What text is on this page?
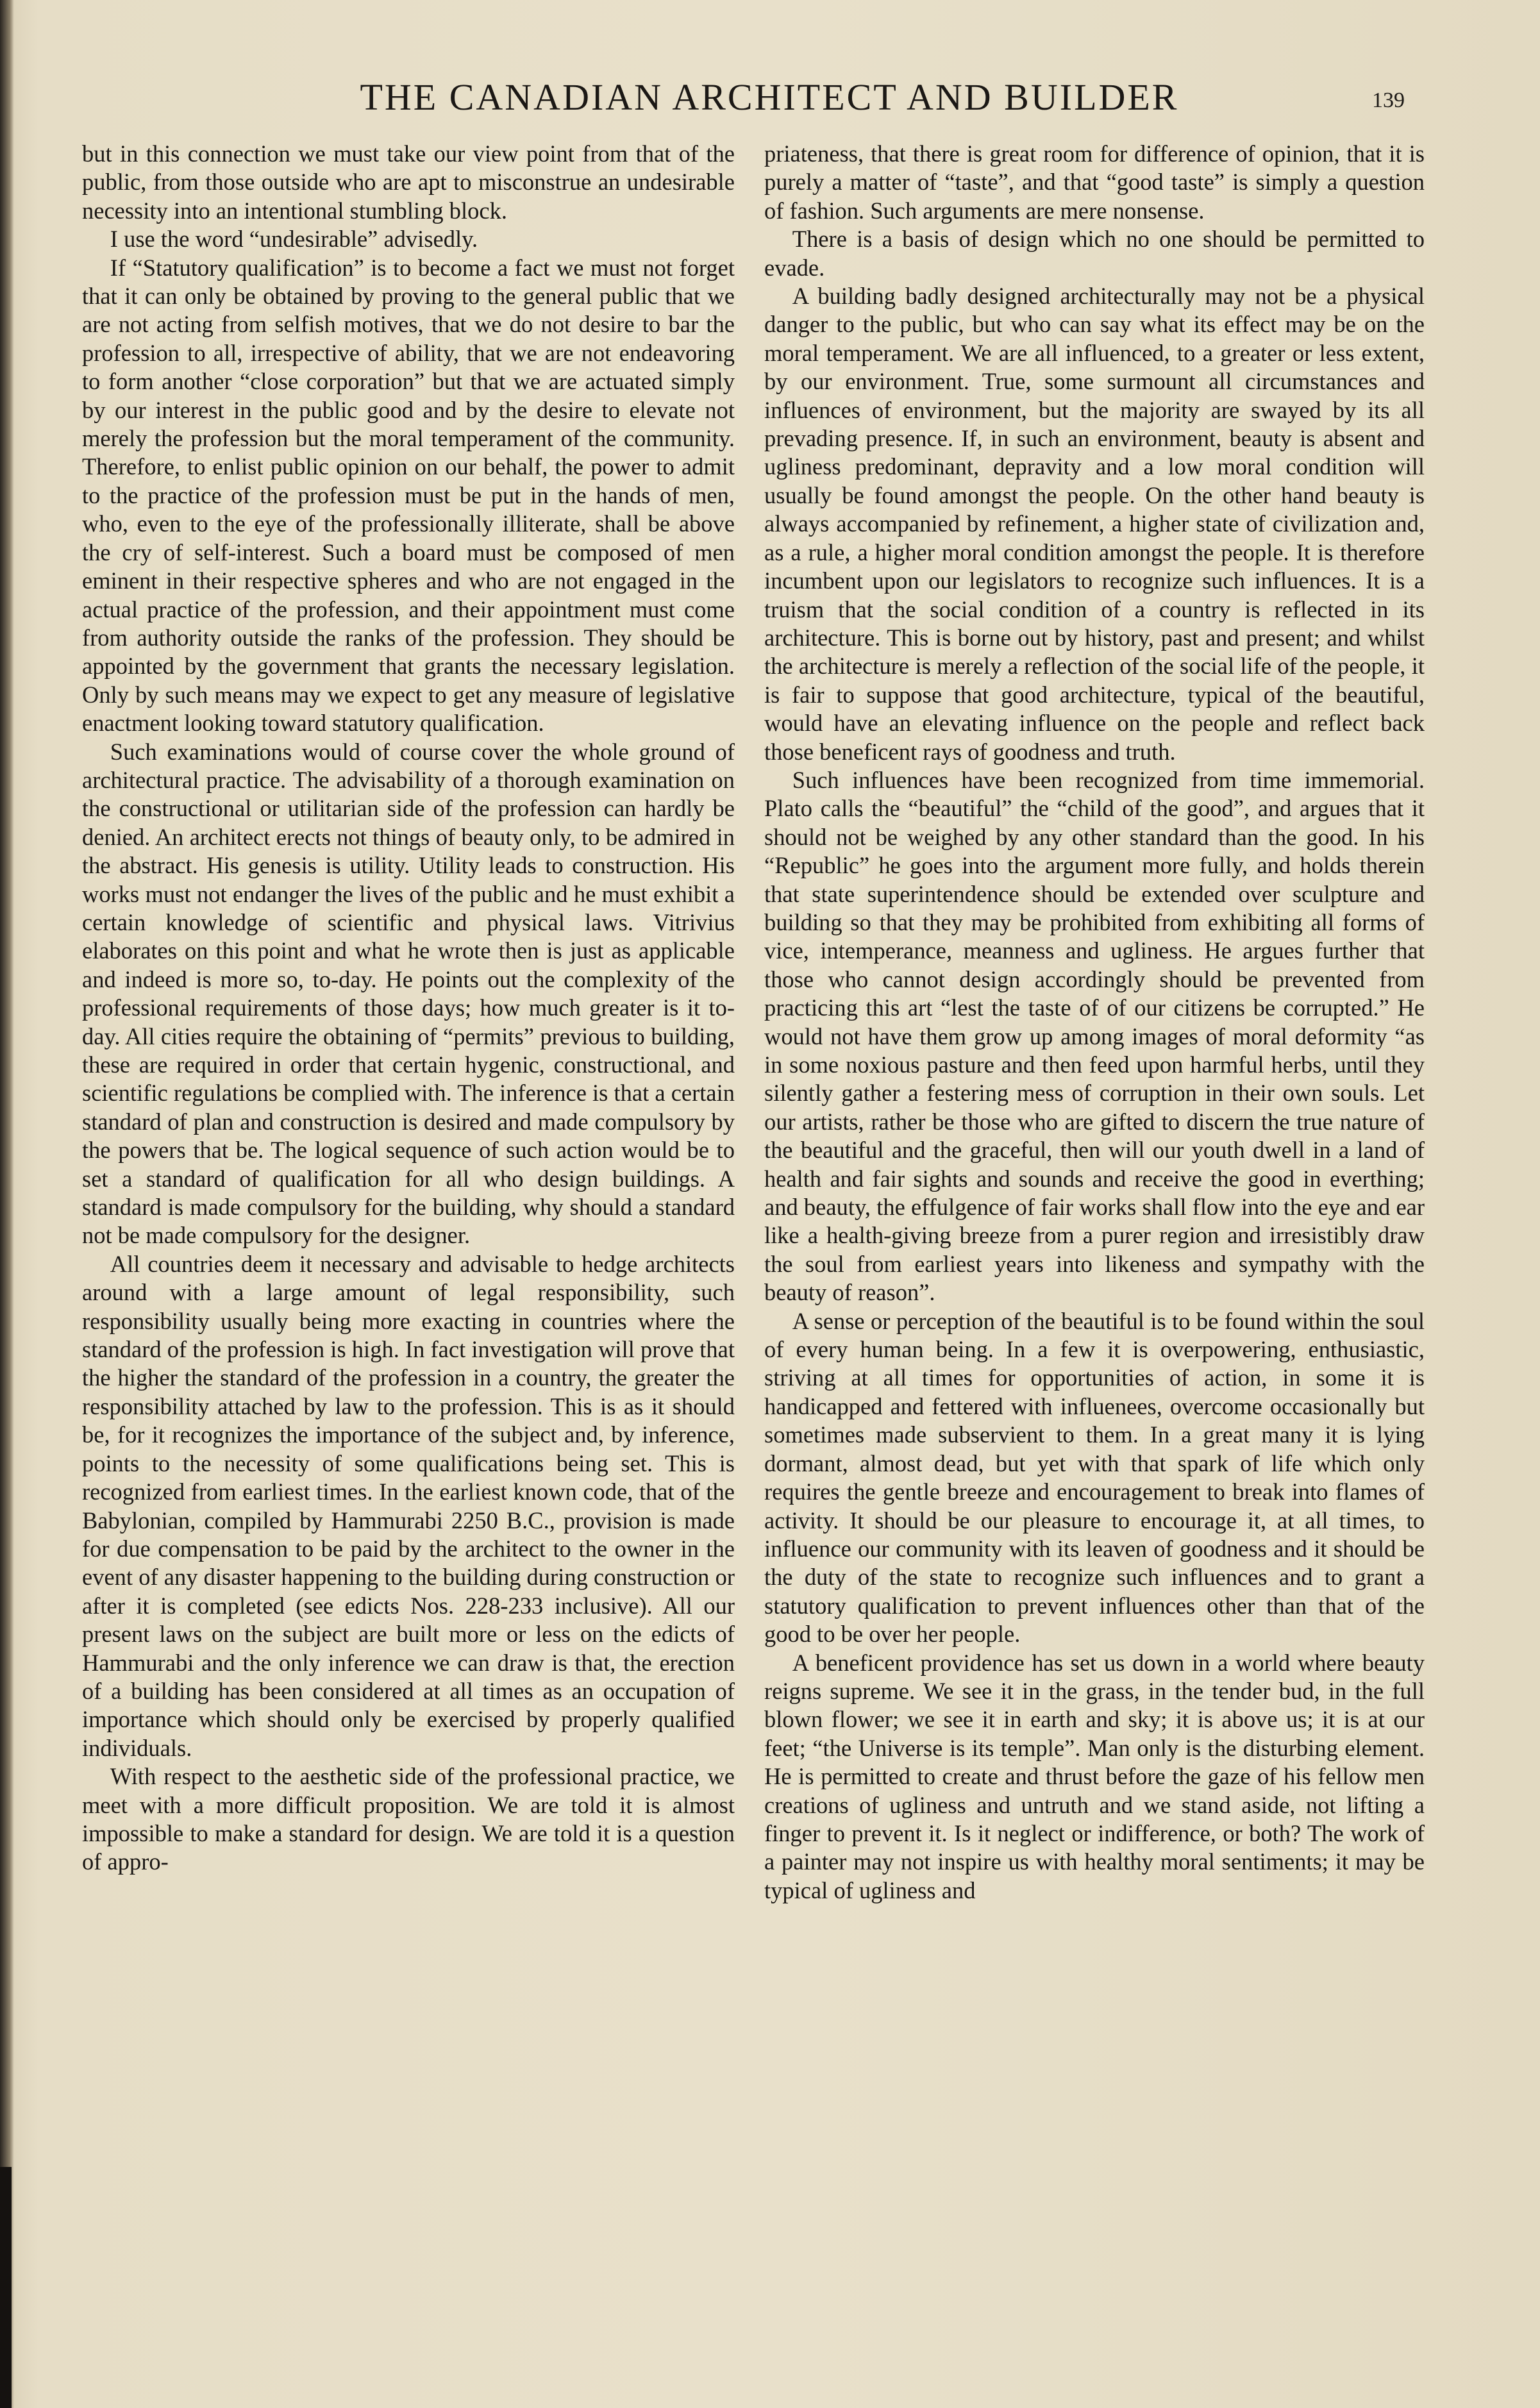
THE CANADIAN ARCHITECT AND BUILDER	139

but in this connection we must take our view point from that of the public, from those outside who are apt to misconstrue an undesirable necessity into an intentional stumbling block.

I use the word “undesirable” advisedly.

If “Statutory qualification” is to become a fact we must not forget that it can only be obtained by proving to the general public that we are not acting from selfish motives, that we do not desire to bar the profession to all, irrespective of ability, that we are not endeavoring to form another “close corporation” but that we are actuated simply by our interest in the public good and by the desire to elevate not merely the profession but the moral temperament of the community. Therefore, to enlist public opinion on our behalf, the power to admit to the practice of the profession must be put in the hands of men, who, even to the eye of the professionally illiterate, shall be above the cry of self-interest. Such a board must be composed of men eminent in their respective spheres and who are not engaged in the actual practice of the profession, and their appointment must come from authority outside the ranks of the profession. They should be appointed by the government that grants the necessary legislation. Only by such means may we expect to get any measure of legislative enactment looking toward statutory qualification.

Such examinations would of course cover the whole ground of architectural practice. The advisability of a thorough examination on the constructional or utilitarian side of the profession can hardly be denied. An architect erects not things of beauty only, to be admired in the abstract. His genesis is utility. Utility leads to construction. His works must not endanger the lives of the public and he must exhibit a certain knowledge of scientific and physical laws. Vitrivius elaborates on this point and what he wrote then is just as applicable and indeed is more so, to-day. He points out the complexity of the professional requirements of those days; how much greater is it to-day. All cities require the obtaining of “permits” previous to building, these are required in order that certain hygenic, constructional, and scientific regulations be complied with. The inference is that a certain standard of plan and construction is desired and made compulsory by the powers that be. The logical sequence of such action would be to set a standard of qualification for all who design buildings. A standard is made compulsory for the building, why should a standard not be made compulsory for the designer.

All countries deem it necessary and advisable to hedge architects around with a large amount of legal responsibility, such responsibility usually being more exacting in countries where the standard of the profession is high. In fact investigation will prove that the higher the standard of the profession in a country, the greater the responsibility attached by law to the profession. This is as it should be, for it recognizes the importance of the subject and, by inference, points to the necessity of some qualifications being set. This is recognized from earliest times. In the earliest known code, that of the Babylonian, compiled by Hammurabi 2250 B.C., provision is made for due compensation to be paid by the architect to the owner in the event of any disaster happening to the building during construction or after it is completed (see edicts Nos. 228-233 inclusive). All our present laws on the subject are built more or less on the edicts of Hammurabi and the only inference we can draw is that, the erection of a building has been considered at all times as an occupation of importance which should only be exercised by properly qualified individuals.

With respect to the aesthetic side of the professional practice, we meet with a more difficult proposition. We are told it is almost impossible to make a standard for design. We are told it is a question of appro-

priateness, that there is great room for difference of opinion, that it is purely a matter of “taste”, and that “good taste” is simply a question of fashion. Such arguments are mere nonsense.

There is a basis of design which no one should be permitted to evade.

A building badly designed architecturally may not be a physical danger to the public, but who can say what its effect may be on the moral temperament. We are all influenced, to a greater or less extent, by our environment. True, some surmount all circumstances and influences of environment, but the majority are swayed by its all prevading presence. If, in such an environment, beauty is absent and ugliness predominant, depravity and a low moral condition will usually be found amongst the people. On the other hand beauty is always accompanied by refinement, a higher state of civilization and, as a rule, a higher moral condition amongst the people. It is therefore incumbent upon our legislators to recognize such influences. It is a truism that the social condition of a country is reflected in its architecture. This is borne out by history, past and present; and whilst the architecture is merely a reflection of the social life of the people, it is fair to suppose that good architecture, typical of the beautiful, would have an elevating influence on the people and reflect back those beneficent rays of goodness and truth.

Such influences have been recognized from time immemorial. Plato calls the “beautiful” the “child of the good”, and argues that it should not be weighed by any other standard than the good. In his “Republic” he goes into the argument more fully, and holds therein that state superintendence should be extended over sculpture and building so that they may be prohibited from exhibiting all forms of vice, intemperance, meanness and ugliness. He argues further that those who cannot design accordingly should be prevented from practicing this art “lest the taste of of our citizens be corrupted.” He would not have them grow up among images of moral deformity “as in some noxious pasture and then feed upon harmful herbs, until they silently gather a festering mess of corruption in their own souls. Let our artists, rather be those who are gifted to discern the true nature of the beautiful and the graceful, then will our youth dwell in a land of health and fair sights and sounds and receive the good in everthing; and beauty, the effulgence of fair works shall flow into the eye and ear like a health-giving breeze from a purer region and irresistibly draw the soul from earliest years into likeness and sympathy with the beauty of reason”.

A sense or perception of the beautiful is to be found within the soul of every human being. In a few it is overpowering, enthusiastic, striving at all times for opportunities of action, in some it is handicapped and fettered with influenees, overcome occasionally but sometimes made subservient to them. In a great many it is lying dormant, almost dead, but yet with that spark of life which only requires the gentle breeze and encouragement to break into flames of activity. It should be our pleasure to encourage it, at all times, to influence our community with its leaven of goodness and it should be the duty of the state to recognize such influences and to grant a statutory qualification to prevent influences other than that of the good to be over her people.

A beneficent providence has set us down in a world where beauty reigns supreme. We see it in the grass, in the tender bud, in the full blown flower; we see it in earth and sky; it is above us; it is at our feet; “the Universe is its temple”. Man only is the disturbing element. He is permitted to create and thrust before the gaze of his fellow men creations of ugliness and untruth and we stand aside, not lifting a finger to prevent it. Is it neglect or indifference, or both? The work of a painter may not inspire us with healthy moral sentiments; it may be typical of ugliness and
